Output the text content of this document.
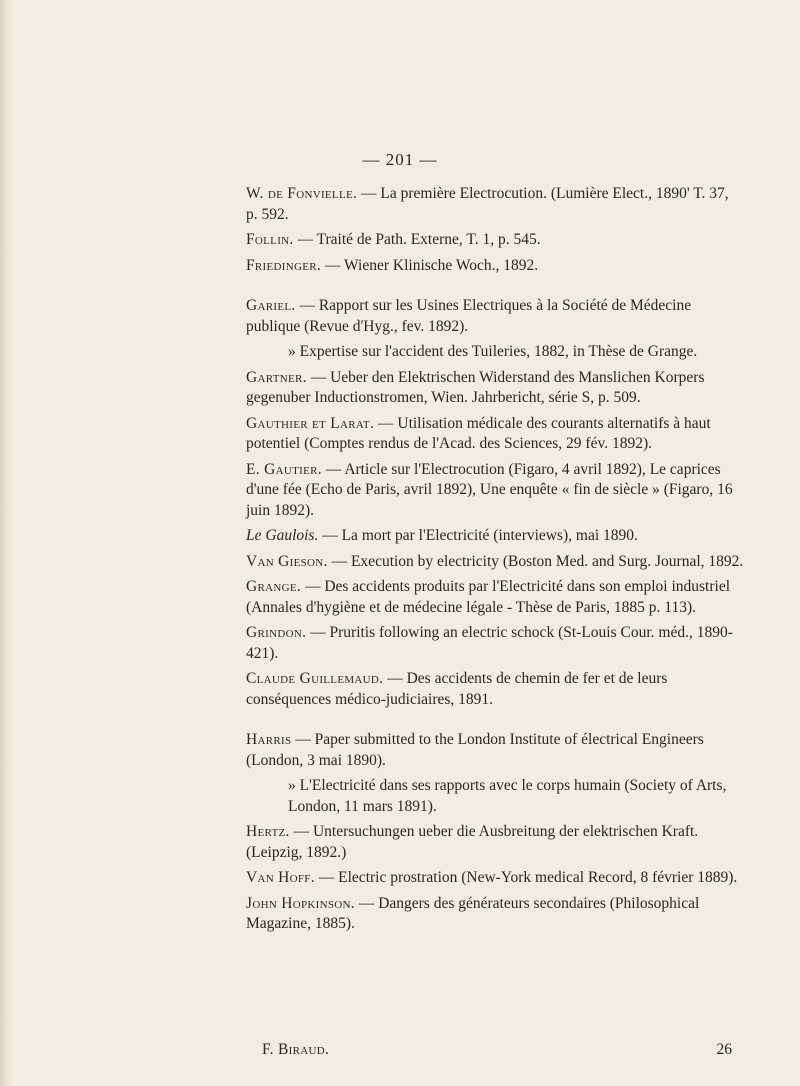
— 201 —

W. de Fonvielle. — La première Electrocution. (Lumière Elect., 1890' T. 37, p. 592.

Follin. — Traité de Path. Externe, T. 1, p. 545.

Friedinger. — Wiener Klinische Woch., 1892.

Gariel. — Rapport sur les Usines Electriques à la Société de Médecine publique (Revue d'Hyg., fev. 1892).

» Expertise sur l'accident des Tuileries, 1882, in Thèse de Grange.

Gartner. — Ueber den Elektrischen Widerstand des Manslichen Korpers gegenuber Inductionstromen, Wien. Jahrbericht, série S, p. 509.

Gauthier et Larat. — Utilisation médicale des courants alternatifs à haut potentiel (Comptes rendus de l'Acad. des Sciences, 29 fév. 1892).

E. Gautier. — Article sur l'Electrocution (Figaro, 4 avril 1892), Le caprices d'une fée (Echo de Paris, avril 1892), Une enquête « fin de siècle » (Figaro, 16 juin 1892).

Le Gaulois. — La mort par l'Electricité (interviews), mai 1890.

Van Gieson. — Execution by electricity (Boston Med. and Surg. Journal, 1892.

Grange. — Des accidents produits par l'Electricité dans son emploi industriel (Annales d'hygiène et de médecine légale - Thèse de Paris, 1885 p. 113).

Grindon. — Pruritis following an electric schock (St-Louis Cour. méd., 1890-421).

Claude Guillemaud. — Des accidents de chemin de fer et de leurs conséquences médico-judiciaires, 1891.

Harris — Paper submitted to the London Institute of électrical Engineers (London, 3 mai 1890).

» L'Electricité dans ses rapports avec le corps humain (Society of Arts, London, 11 mars 1891).

Hertz. — Untersuchungen ueber die Ausbreitung der elektrischen Kraft. (Leipzig, 1892.)

Van Hoff. — Electric prostration (New-York medical Record, 8 février 1889).

John Hopkinson. — Dangers des générateurs secondaires (Philosophical Magazine, 1885).

F. Biraud.	26
